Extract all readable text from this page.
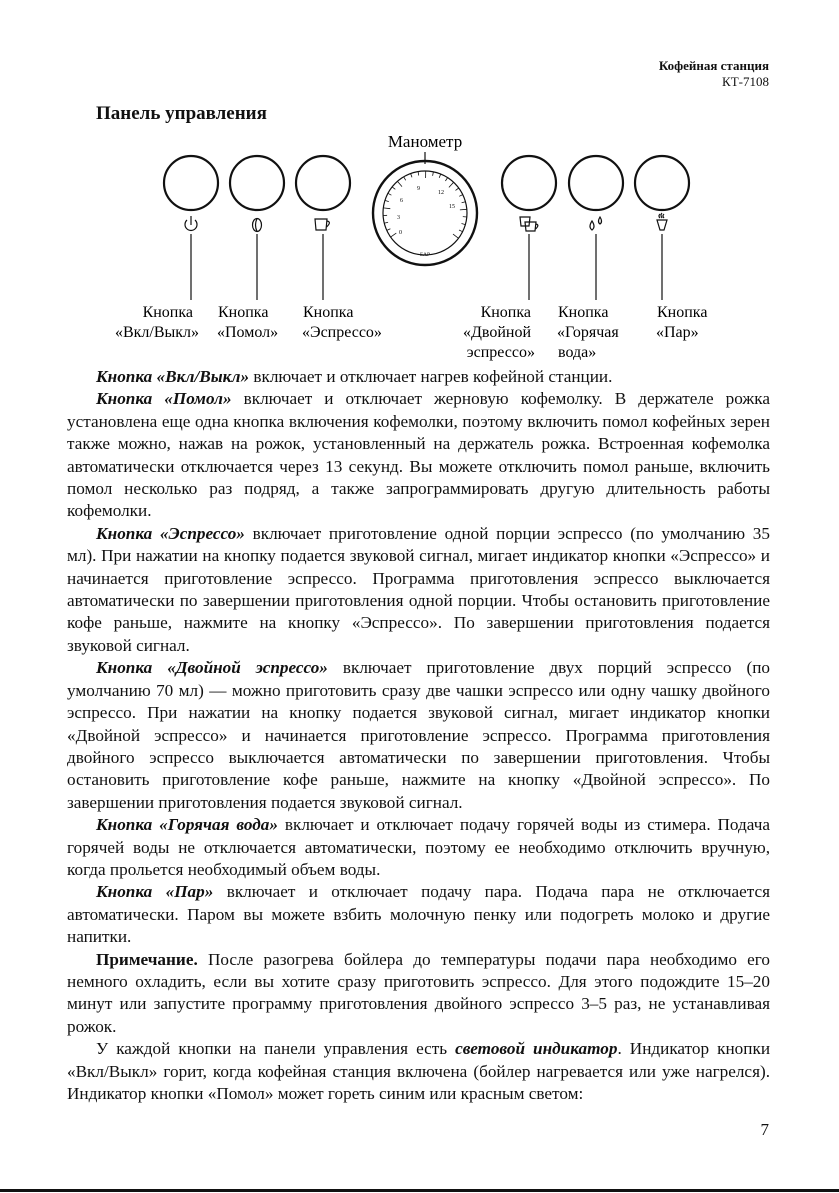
Кофейная станция
КТ-7108
Панель управления
Манометр
0
3
6
9
12
15
БАР
Кнопка «Вкл/Выкл»
Кнопка «Помол»
Кнопка «Эспрессо»
Кнопка «Двойной эспрессо»
Кнопка «Горячая вода»
Кнопка «Пар»

Кнопка «Вкл/Выкл» включает и отключает нагрев кофейной станции.

Кнопка «Помол» включает и отключает жерновую кофемолку. В держателе рожка установлена еще одна кнопка включения кофемолки, поэтому включить помол кофейных зерен также можно, нажав на рожок, установленный на держатель рожка. Встроенная кофемолка автоматически отключается через 13 секунд. Вы можете отключить помол раньше, включить помол несколько раз подряд, а также запрограммировать другую длительность работы кофемолки.

Кнопка «Эспрессо» включает приготовление одной порции эспрессо (по умолчанию 35 мл). При нажатии на кнопку подается звуковой сигнал, мигает индикатор кнопки «Эспрессо» и начинается приготовление эспрессо. Программа приготовления эспрессо выключается автоматически по завершении приготовления одной порции. Чтобы остановить приготовление кофе раньше, нажмите на кнопку «Эспрессо». По завершении приготовления подается звуковой сигнал.

Кнопка «Двойной эспрессо» включает приготовление двух порций эспрессо (по умолчанию 70 мл) — можно приготовить сразу две чашки эспрессо или одну чашку двойного эспрессо. При нажатии на кнопку подается звуковой сигнал, мигает индикатор кнопки «Двойной эспрессо» и начинается приготовление эспрессо. Программа приготовления двойного эспрессо выключается автоматически по завершении приготовления. Чтобы остановить приготовление кофе раньше, нажмите на кнопку «Двойной эспрессо». По завершении приготовления подается звуковой сигнал.

Кнопка «Горячая вода» включает и отключает подачу горячей воды из стимера. Подача горячей воды не отключается автоматически, поэтому ее необходимо отключить вручную, когда прольется необходимый объем воды.

Кнопка «Пар» включает и отключает подачу пара. Подача пара не отключается автоматически. Паром вы можете взбить молочную пенку или подогреть молоко и другие напитки.

Примечание. После разогрева бойлера до температуры подачи пара необходимо его немного охладить, если вы хотите сразу приготовить эспрессо. Для этого подождите 15–20 минут или запустите программу приготовления двойного эспрессо 3–5 раз, не устанавливая рожок.

У каждой кнопки на панели управления есть световой индикатор. Индикатор кнопки «Вкл/Выкл» горит, когда кофейная станция включена (бойлер нагревается или уже нагрелся). Индикатор кнопки «Помол» может гореть синим или красным светом:

7
